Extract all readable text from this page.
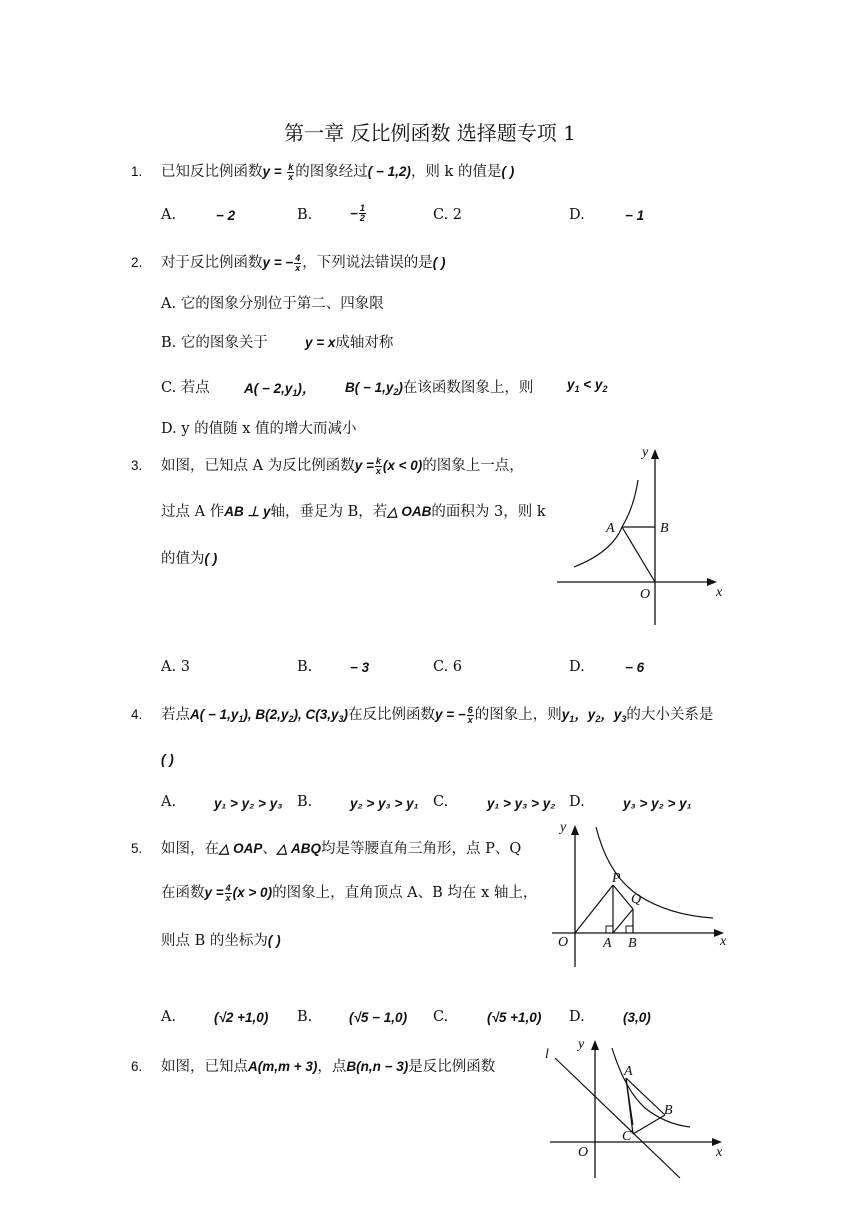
第一章 反比例函数 选择题专项 1
1. 已知反比例函数$y = \frac{k}{x}$ 的图象经过( − 1,2)，则 k 的值是( )
A.	− 2	B.	− $\frac{1}{2}$	C. 2	D.	− 1
2. 对于反比例函数y = − $\frac{4}{x}$ ，下列说法错误的是( )
A. 它的图象分别位于第二、四象限
B. 它的图象关于	y = x成轴对称
C. 若点	$A( - 2,y_1)$， $B( - 1,y_2)$在该函数图象上，则 $y_1 < y_2$
D. y 的值随 x 值的增大而减小
3. 如图，已知点 A 为反比例函数$y = \frac{k}{x} (x < 0)$的图象上一点，
过点 A 作AB ⊥ y轴，垂足为 B，若△ OAB的面积为 3，则 k
的值为( )
y
x
A	B
O
A. 3	B.	− 3	C. 6	D.	− 6
4. 若点$A( - 1,y_1)$, $B(2,y_2)$, $C(3,y_3)$在反比例函数y = − $\frac{6}{x}$ 的图象上，则$y_1$，$y_2$，$y_3$的大小关系是
( )
A.	y₁ > y₂ > y₃ B.	y₂ > y₃ > y₁ C.	y₁ > y₃ > y₂ D.	y₃ > y₂ > y₁
5. 如图，在△ OAP、△ ABQ均是等腰直角三角形，点 P、Q
在函数$y = \frac{4}{x} (x > 0)$的图象上，直角顶点 A、B 均在 x 轴上，
则点 B 的坐标为( )
y
x
P
Q
O A B
A.	(√2 +1,0) B.	(√5 − 1,0) C.	(√5 +1,0) D.	(3,0)
6. 如图，已知点A(m,m + 3)，点B(n,n − 3)是反比例函数
l
y
x
A
B
C
O
